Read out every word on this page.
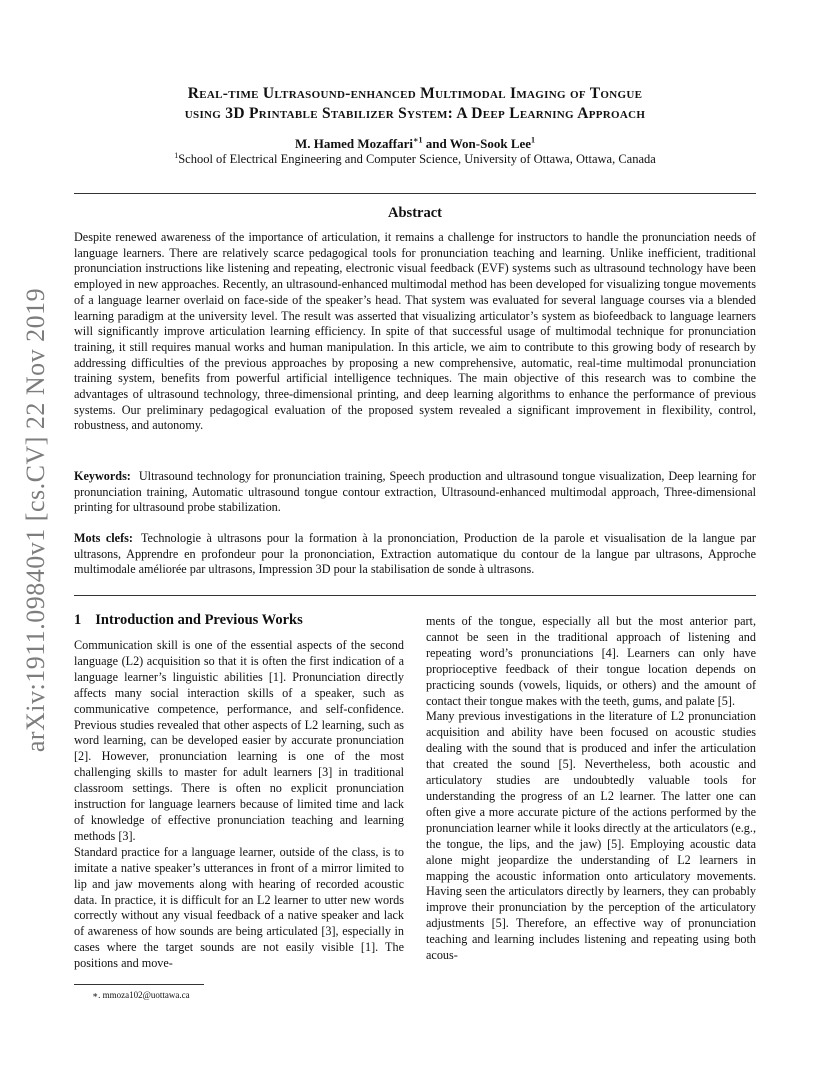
arXiv:1911.09840v1 [cs.CV] 22 Nov 2019
Real-time Ultrasound-enhanced Multimodal Imaging of Tongue
using 3D Printable Stabilizer System: A Deep Learning Approach
M. Hamed Mozaffari$^{∗1}$ and Won-Sook Lee$^1$
$^1$School of Electrical Engineering and Computer Science, University of Ottawa, Ottawa, Canada
Abstract
Despite renewed awareness of the importance of articulation, it remains a challenge for instructors to handle the pronunciation needs of language learners. There are relatively scarce pedagogical tools for pronunciation teaching and learning. Unlike inefficient, traditional pronunciation instructions like listening and repeating, electronic visual feedback (EVF) systems such as ultrasound technology have been employed in new approaches. Recently, an ultrasound-enhanced multimodal method has been developed for visualizing tongue movements of a language learner overlaid on face-side of the speaker’s head. That system was evaluated for several language courses via a blended learning paradigm at the university level. The result was asserted that visualizing articulator’s system as biofeedback to language learners will significantly improve articulation learning efficiency. In spite of that successful usage of multimodal technique for pronunciation training, it still requires manual works and human manipulation. In this article, we aim to contribute to this growing body of research by addressing difficulties of the previous approaches by proposing a new comprehensive, automatic, real-time multimodal pronunciation training system, benefits from powerful artificial intelligence techniques. The main objective of this research was to combine the advantages of ultrasound technology, three-dimensional printing, and deep learning algorithms to enhance the performance of previous systems. Our preliminary pedagogical evaluation of the proposed system revealed a significant improvement in flexibility, control, robustness, and autonomy.
Keywords: Ultrasound technology for pronunciation training, Speech production and ultrasound tongue visualization, Deep learning for pronunciation training, Automatic ultrasound tongue contour extraction, Ultrasound-enhanced multimodal approach, Three-dimensional printing for ultrasound probe stabilization.
Mots clefs: Technologie à ultrasons pour la formation à la prononciation, Production de la parole et visualisation de la langue par ultrasons, Apprendre en profondeur pour la prononciation, Extraction automatique du contour de la langue par ultrasons, Approche multimodale améliorée par ultrasons, Impression 3D pour la stabilisation de sonde à ultrasons.
1 Introduction and Previous Works

Communication skill is one of the essential aspects of the second language (L2) acquisition so that it is often the first indication of a language learner’s linguistic abilities [1]. Pronunciation directly affects many social interaction skills of a speaker, such as communicative competence, performance, and self-confidence. Previous studies revealed that other aspects of L2 learning, such as word learning, can be developed easier by accurate pronunciation [2]. However, pronunciation learning is one of the most challenging skills to master for adult learners [3] in traditional classroom settings. There is often no explicit pronunciation instruction for language learners because of limited time and lack of knowledge of effective pronunciation teaching and learning methods [3].

Standard practice for a language learner, outside of the class, is to imitate a native speaker’s utterances in front of a mirror limited to lip and jaw movements along with hearing of recorded acoustic data. In practice, it is difficult for an L2 learner to utter new words correctly without any visual feedback of a native speaker and lack of awareness of how sounds are being articulated [3], especially in cases where the target sounds are not easily visible [1]. The positions and move-

ments of the tongue, especially all but the most anterior part, cannot be seen in the traditional approach of listening and repeating word’s pronunciations [4]. Learners can only have proprioceptive feedback of their tongue location depends on practicing sounds (vowels, liquids, or others) and the amount of contact their tongue makes with the teeth, gums, and palate [5].

Many previous investigations in the literature of L2 pronunciation acquisition and ability have been focused on acoustic studies dealing with the sound that is produced and infer the articulation that created the sound [5]. Nevertheless, both acoustic and articulatory studies are undoubtedly valuable tools for understanding the progress of an L2 learner. The latter one can often give a more accurate picture of the actions performed by the pronunciation learner while it looks directly at the articulators (e.g., the tongue, the lips, and the jaw) [5]. Employing acoustic data alone might jeopardize the understanding of L2 learners in mapping the acoustic information onto articulatory movements. Having seen the articulators directly by learners, they can probably improve their pronunciation by the perception of the articulatory adjustments [5]. Therefore, an effective way of pronunciation teaching and learning includes listening and repeating using both acous-

∗. mmoza102@uottawa.ca
